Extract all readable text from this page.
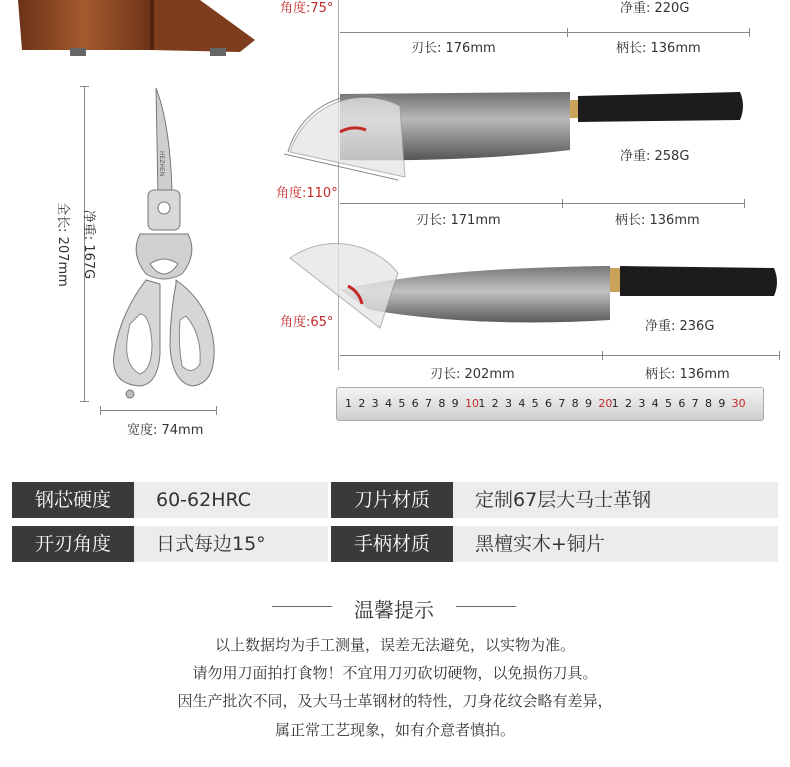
角度:75°	净重: 220G
刃长: 176mm	柄长: 136mm
净重: 258G
角度:110°
刃长: 171mm	柄长: 136mm
净重: 236G
角度:65°
刃长: 202mm	柄长: 136mm
1 2 3 4 5 6 7 8 9 10 1 2 3 4 5 6 7 8 9 20 1 2 3 4 5 6 7 8 9 30
全长: 207mm 净重: 167G
HEZHEN
宽度: 74mm
钢芯硬度	60-62HRC	刀片材质	定制67层大马士革钢
开刃角度	日式每边15°	手柄材质	黑檀实木+铜片
温馨提示
以上数据均为手工测量，误差无法避免，以实物为准。
请勿用刀面拍打食物！不宜用刀刃砍切硬物，以免损伤刀具。
因生产批次不同，及大马士革钢材的特性，刀身花纹会略有差异，
属正常工艺现象，如有介意者慎拍。
